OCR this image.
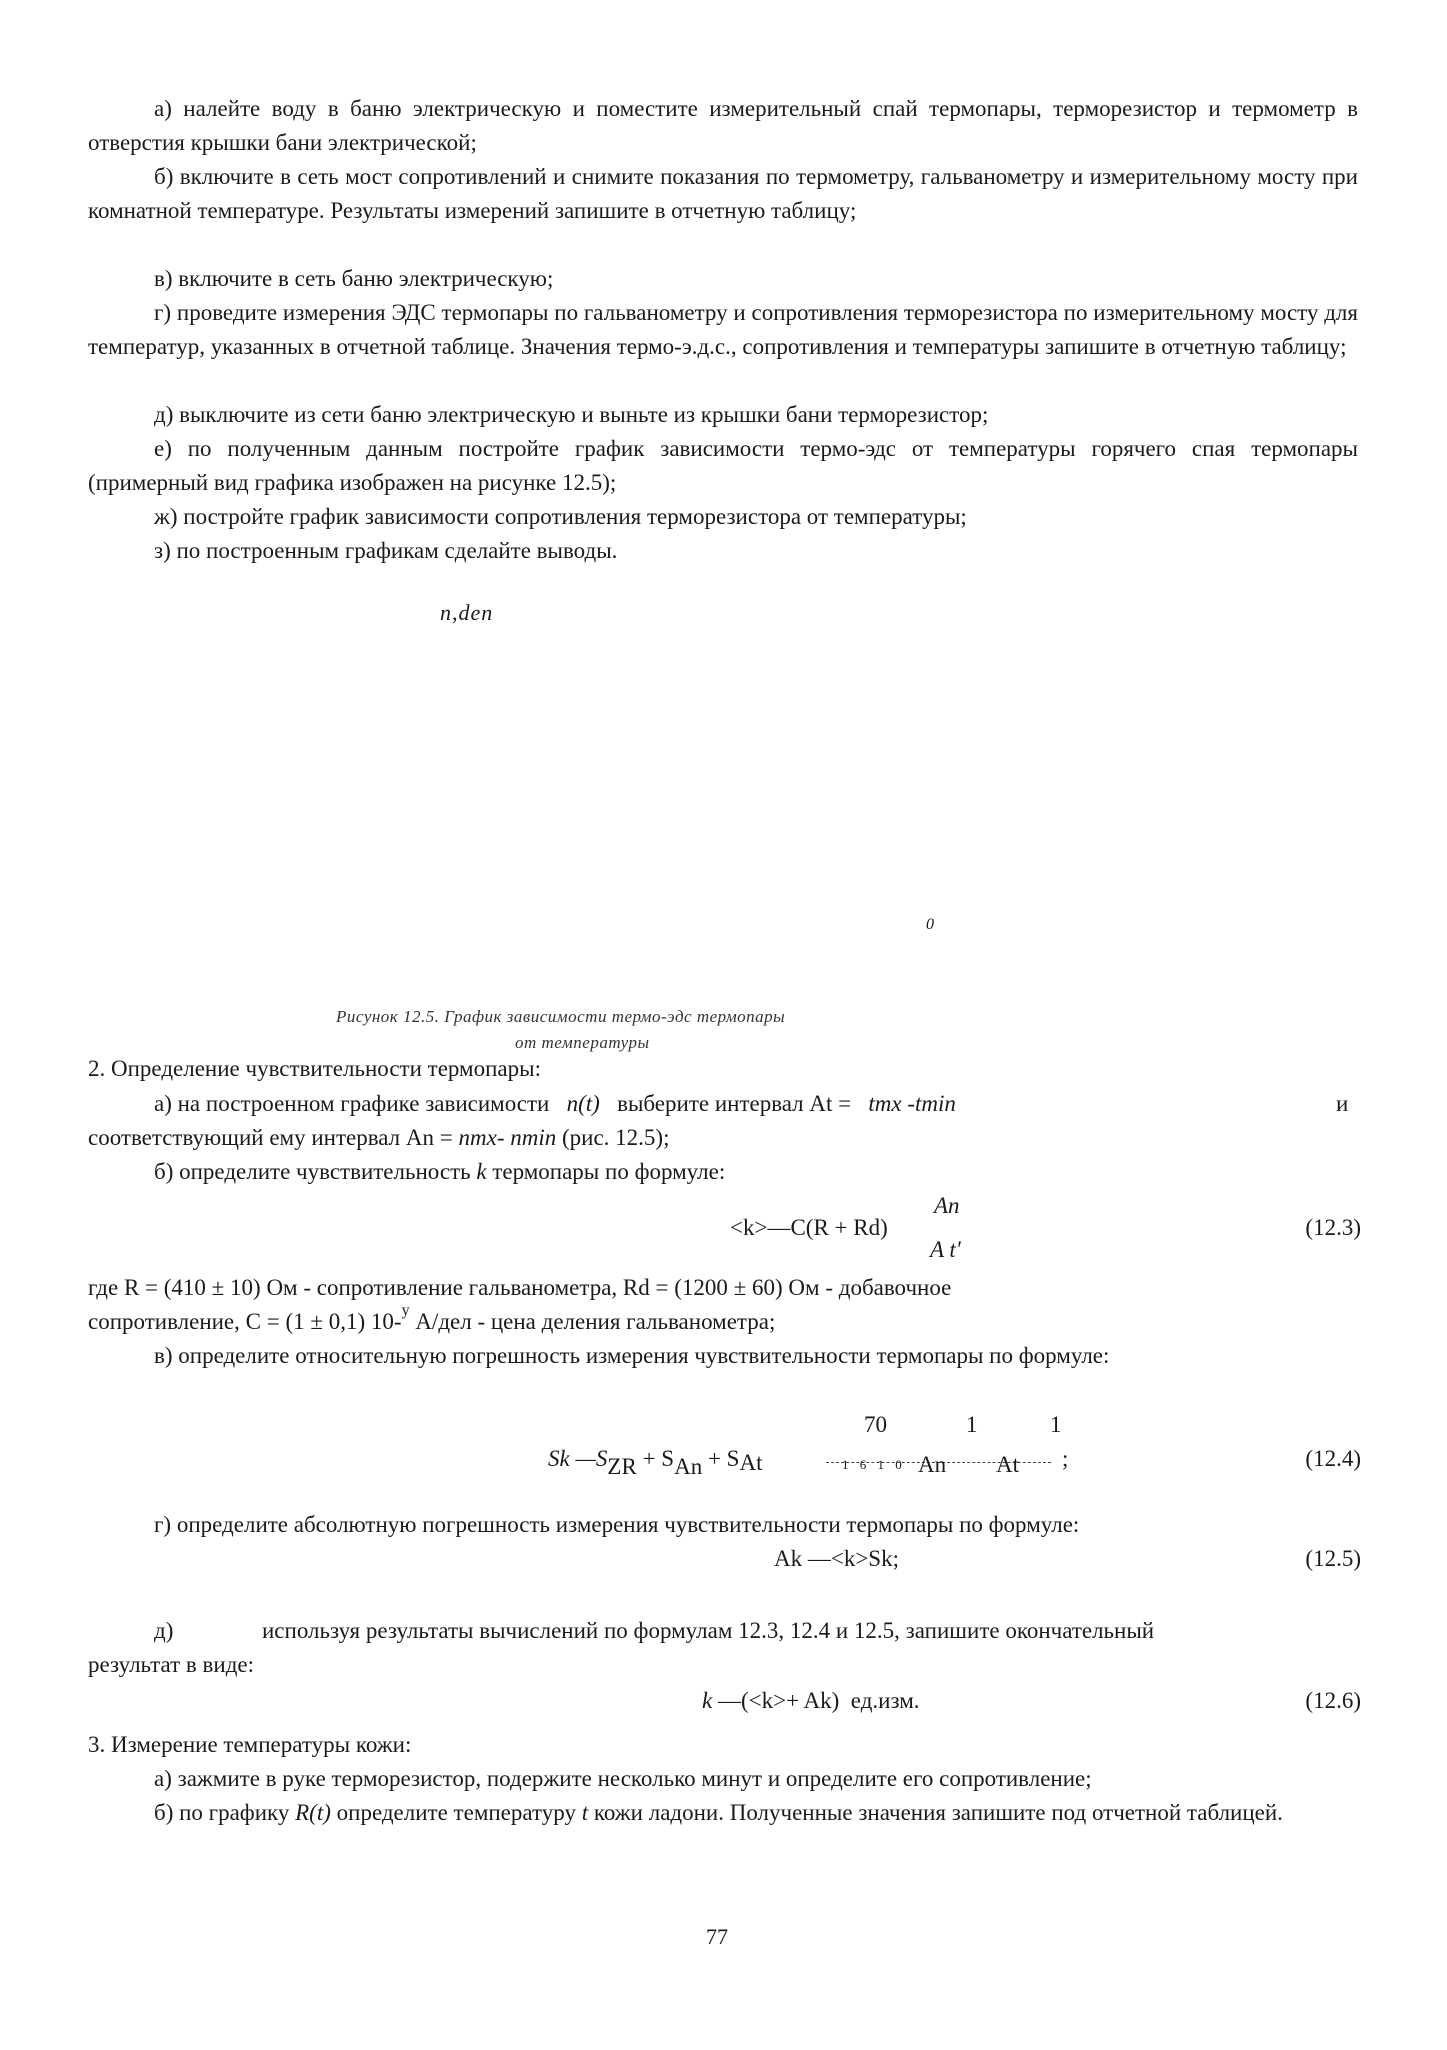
а) налейте воду в баню электрическую и поместите измерительный спай термопары, терморезистор и термометр в отверстия крышки бани электрической;

б) включите в сеть мост сопротивлений и снимите показания по термометру, гальванометру и измерительному мосту при комнатной температуре. Результаты измерений запишите в отчетную таблицу;

в) включите в сеть баню электрическую;

г) проведите измерения ЭДС термопары по гальванометру и сопротивления терморезистора по измерительному мосту для температур, указанных в отчетной таблице. Значения термо-э.д.с., сопротивления и температуры запишите в отчетную таблицу;

д) выключите из сети баню электрическую и выньте из крышки бани терморезистор;

е) по полученным данным постройте график зависимости термо-эдс от температуры горячего спая термопары (примерный вид графика изображен на рисунке 12.5);

ж) постройте график зависимости сопротивления терморезистора от температуры;

з) по построенным графикам сделайте выводы.

n,den
0
Рисунок 12.5. График зависимости термо-эдс термопары
от температуры
2. Определение чувствительности термопары:
а) на построенном графике зависимости n(t) выберите интервал At = tmx -tmin	и
соответствующий ему интервал An = nmx- nmin (рис. 12.5);
б) определите чувствительность k термопары по формуле:
An
<k>—C(R + Rd)
A t'
(12.3)

где R = (410 ± 10) Ом - сопротивление гальванометра, Rd = (1200 ± 60) Ом - добавочное

сопротивление, C = (1 ± 0,1) 10-$^y$ А/дел - цена деления гальванометра;

в) определите относительную погрешность измерения чувствительности термопары по формуле:

70	1	1
Sk —SZR + SAn + SAt	1 6 1 0 An At ;	(12.4)

г) определите абсолютную погрешность измерения чувствительности термопары по формуле:

Ak —<k>Sk;	(12.5)
д)	используя результаты вычислений по формулам 12.3, 12.4 и 12.5, запишите окончательный
результат в виде:
k —(<k>+ Ak) ед.изм.	(12.6)
3. Измерение температуры кожи:

а) зажмите в руке терморезистор, подержите несколько минут и определите его сопротивление;

б) по графику R(t) определите температуру t кожи ладони. Полученные значения запишите под отчетной таблицей.

77
